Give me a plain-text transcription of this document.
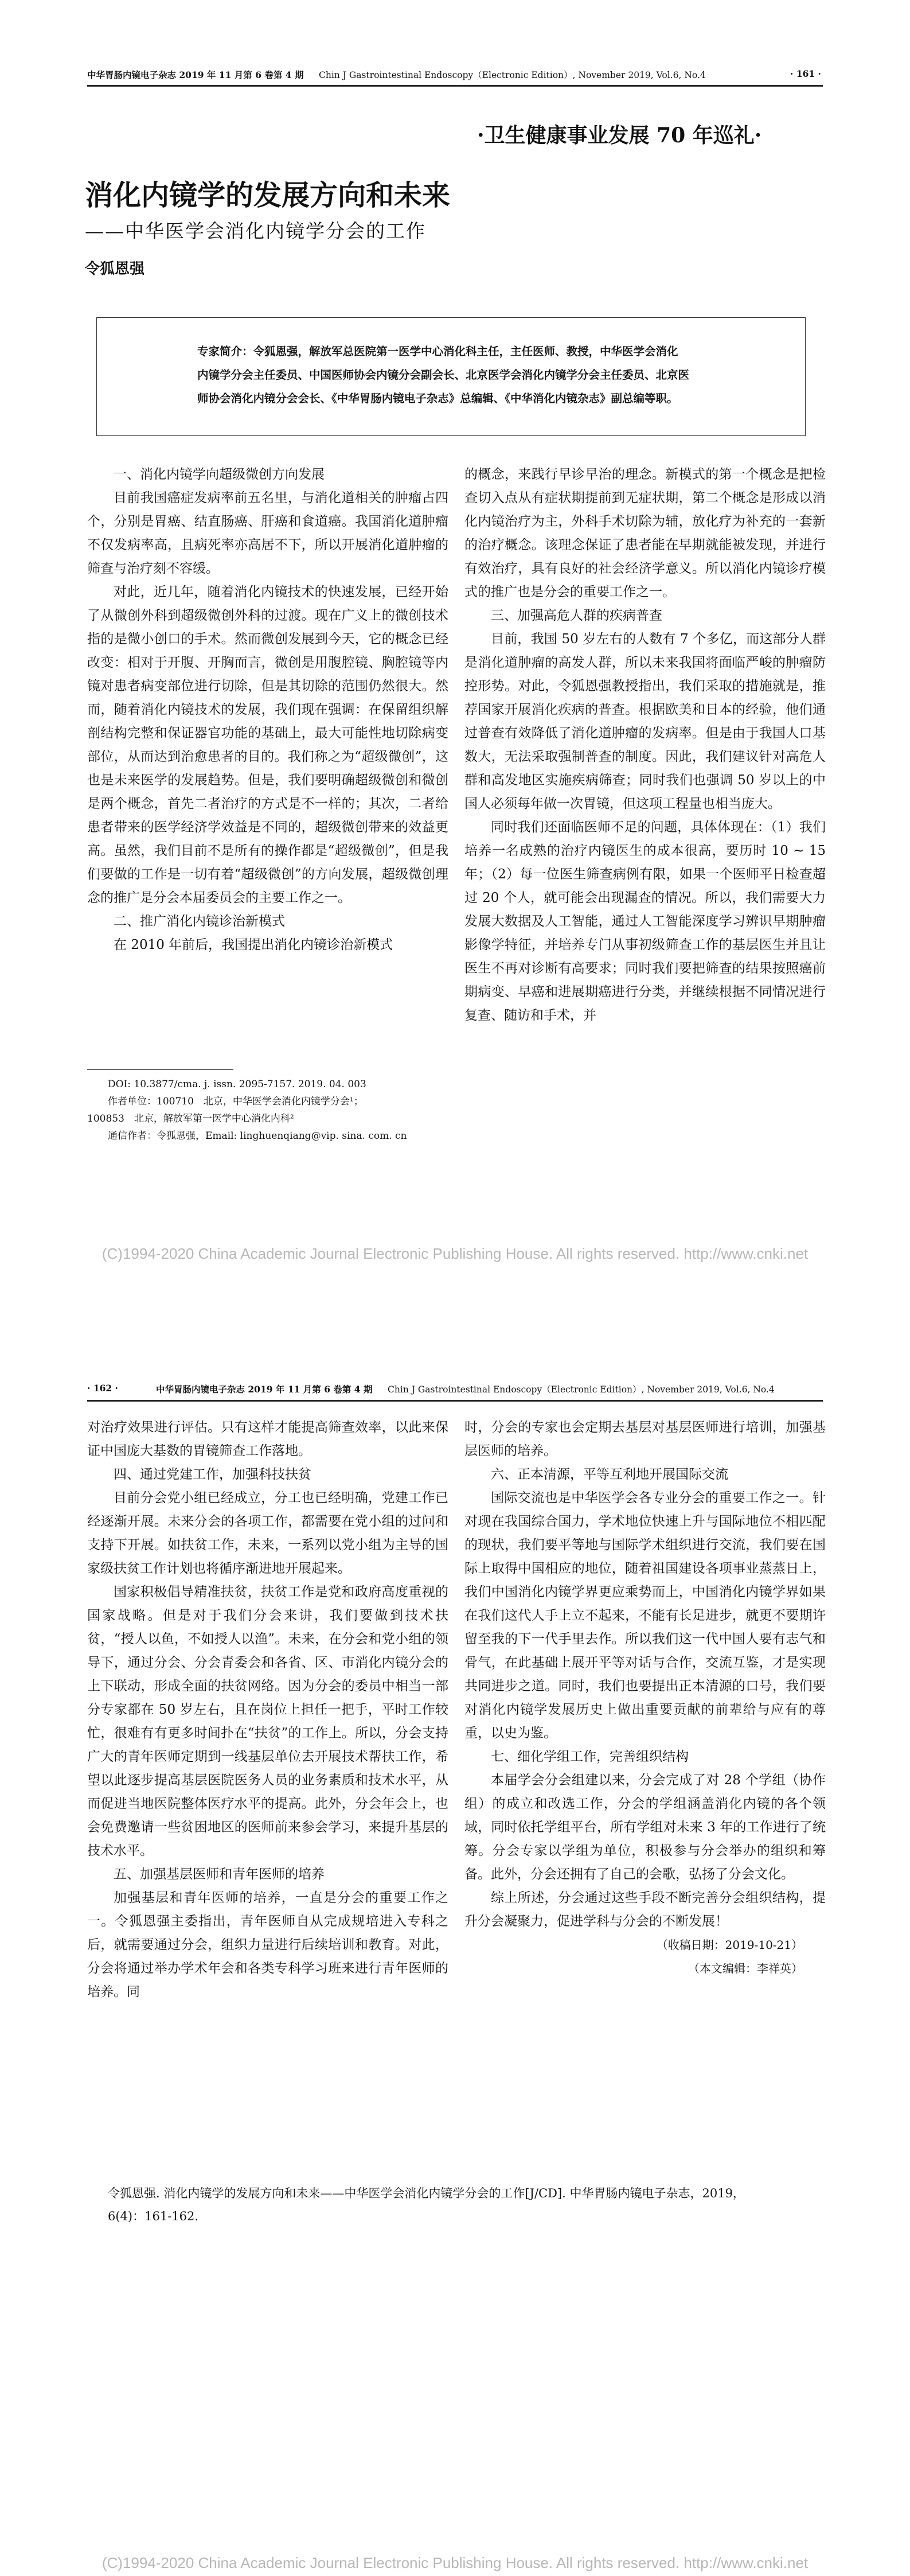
中华胃肠内镜电子杂志 2019 年 11 月第 6 卷第 4 期 Chin J Gastrointestinal Endoscopy（Electronic Edition）, November 2019, Vol.6, No.4	· 161 ·
·卫生健康事业发展 70 年巡礼·
消化内镜学的发展方向和未来
——中华医学会消化内镜学分会的工作
令狐恩强
专家简介：令狐恩强，解放军总医院第一医学中心消化科主任，主任医师、教授，中华医学会消化
内镜学分会主任委员、中国医师协会内镜分会副会长、北京医学会消化内镜学分会主任委员、北京医
师协会消化内镜分会会长、《中华胃肠内镜电子杂志》总编辑、《中华消化内镜杂志》副总编等职。
一、消化内镜学向超级微创方向发展

目前我国癌症发病率前五名里，与消化道相关的肿瘤占四个，分别是胃癌、结直肠癌、肝癌和食道癌。我国消化道肿瘤不仅发病率高，且病死率亦高居不下，所以开展消化道肿瘤的筛查与治疗刻不容缓。

对此，近几年，随着消化内镜技术的快速发展，已经开始了从微创外科到超级微创外科的过渡。现在广义上的微创技术指的是微小创口的手术。然而微创发展到今天，它的概念已经改变：相对于开腹、开胸而言，微创是用腹腔镜、胸腔镜等内镜对患者病变部位进行切除，但是其切除的范围仍然很大。然而，随着消化内镜技术的发展，我们现在强调：在保留组织解剖结构完整和保证器官功能的基础上，最大可能性地切除病变部位，从而达到治愈患者的目的。我们称之为“超级微创”，这也是未来医学的发展趋势。但是，我们要明确超级微创和微创是两个概念，首先二者治疗的方式是不一样的；其次，二者给患者带来的医学经济学效益是不同的，超级微创带来的效益更高。虽然，我们目前不是所有的操作都是“超级微创”，但是我们要做的工作是一切有着“超级微创”的方向发展，超级微创理念的推广是分会本届委员会的主要工作之一。

二、推广消化内镜诊治新模式

在 2010 年前后，我国提出消化内镜诊治新模式

DOI: 10.3877/cma. j. issn. 2095-7157. 2019. 04. 003
作者单位：100710　北京，中华医学会消化内镜学分会¹；
100853　北京，解放军第一医学中心消化内科²
通信作者：令狐恩强，Email: linghuenqiang@vip. sina. com. cn

的概念，来践行早诊早治的理念。新模式的第一个概念是把检查切入点从有症状期提前到无症状期，第二个概念是形成以消化内镜治疗为主，外科手术切除为辅，放化疗为补充的一套新的治疗概念。该理念保证了患者能在早期就能被发现，并进行有效治疗，具有良好的社会经济学意义。所以消化内镜诊疗模式的推广也是分会的重要工作之一。

三、加强高危人群的疾病普查

目前，我国 50 岁左右的人数有 7 个多亿，而这部分人群是消化道肿瘤的高发人群，所以未来我国将面临严峻的肿瘤防控形势。对此，令狐恩强教授指出，我们采取的措施就是，推荐国家开展消化疾病的普查。根据欧美和日本的经验，他们通过普查有效降低了消化道肿瘤的发病率。但是由于我国人口基数大，无法采取强制普查的制度。因此，我们建议针对高危人群和高发地区实施疾病筛查；同时我们也强调 50 岁以上的中国人必须每年做一次胃镜，但这项工程量也相当庞大。

同时我们还面临医师不足的问题，具体体现在：（1）我们培养一名成熟的治疗内镜医生的成本很高，要历时 10 ~ 15 年；（2）每一位医生筛查病例有限，如果一个医师平日检查超过 20 个人，就可能会出现漏查的情况。所以，我们需要大力发展大数据及人工智能，通过人工智能深度学习辨识早期肿瘤影像学特征，并培养专门从事初级筛查工作的基层医生并且让医生不再对诊断有高要求；同时我们要把筛查的结果按照癌前期病变、早癌和进展期癌进行分类，并继续根据不同情况进行复查、随访和手术，并

(C)1994-2020 China Academic Journal Electronic Publishing House. All rights reserved. http://www.cnki.net
· 162 ·	中华胃肠内镜电子杂志 2019 年 11 月第 6 卷第 4 期 Chin J Gastrointestinal Endoscopy（Electronic Edition）, November 2019, Vol.6, No.4

对治疗效果进行评估。只有这样才能提高筛查效率，以此来保证中国庞大基数的胃镜筛查工作落地。

四、通过党建工作，加强科技扶贫

目前分会党小组已经成立，分工也已经明确，党建工作已经逐渐开展。未来分会的各项工作，都需要在党小组的过问和支持下开展。如扶贫工作，未来，一系列以党小组为主导的国家级扶贫工作计划也将循序渐进地开展起来。

国家积极倡导精准扶贫，扶贫工作是党和政府高度重视的国家战略。但是对于我们分会来讲，我们要做到技术扶贫，“授人以鱼，不如授人以渔”。未来，在分会和党小组的领导下，通过分会、分会青委会和各省、区、市消化内镜分会的上下联动，形成全面的扶贫网络。因为分会的委员中相当一部分专家都在 50 岁左右，且在岗位上担任一把手，平时工作较忙，很难有有更多时间扑在“扶贫”的工作上。所以，分会支持广大的青年医师定期到一线基层单位去开展技术帮扶工作，希望以此逐步提高基层医院医务人员的业务素质和技术水平，从而促进当地医院整体医疗水平的提高。此外，分会年会上，也会免费邀请一些贫困地区的医师前来参会学习，来提升基层的技术水平。

五、加强基层医师和青年医师的培养

加强基层和青年医师的培养，一直是分会的重要工作之一。令狐恩强主委指出，青年医师自从完成规培进入专科之后，就需要通过分会，组织力量进行后续培训和教育。对此，分会将通过举办学术年会和各类专科学习班来进行青年医师的培养。同

时，分会的专家也会定期去基层对基层医师进行培训，加强基层医师的培养。

六、正本清源，平等互利地开展国际交流

国际交流也是中华医学会各专业分会的重要工作之一。针对现在我国综合国力，学术地位快速上升与国际地位不相匹配的现状，我们要平等地与国际学术组织进行交流，我们要在国际上取得中国相应的地位，随着祖国建设各项事业蒸蒸日上，我们中国消化内镜学界更应乘势而上，中国消化内镜学界如果在我们这代人手上立不起来，不能有长足进步，就更不要期许留至我的下一代手里去作。所以我们这一代中国人要有志气和骨气，在此基础上展开平等对话与合作，交流互鉴，才是实现共同进步之道。同时，我们也要提出正本清源的口号，我们要对消化内镜学发展历史上做出重要贡献的前辈给与应有的尊重，以史为鉴。

七、细化学组工作，完善组织结构

本届学会分会组建以来，分会完成了对 28 个学组（协作组）的成立和改选工作，分会的学组涵盖消化内镜的各个领域，同时依托学组平台，所有学组对未来 3 年的工作进行了统筹。分会专家以学组为单位，积极参与分会举办的组织和筹备。此外，分会还拥有了自己的会歌，弘扬了分会文化。

综上所述，分会通过这些手段不断完善分会组织结构，提升分会凝聚力，促进学科与分会的不断发展！

（收稿日期：2019-10-21）

（本文编辑：李祥英）

令狐恩强. 消化内镜学的发展方向和未来——中华医学会消化内镜学分会的工作[J/CD]. 中华胃肠内镜电子杂志，2019，
6(4)：161-162.
(C)1994-2020 China Academic Journal Electronic Publishing House. All rights reserved. http://www.cnki.net
